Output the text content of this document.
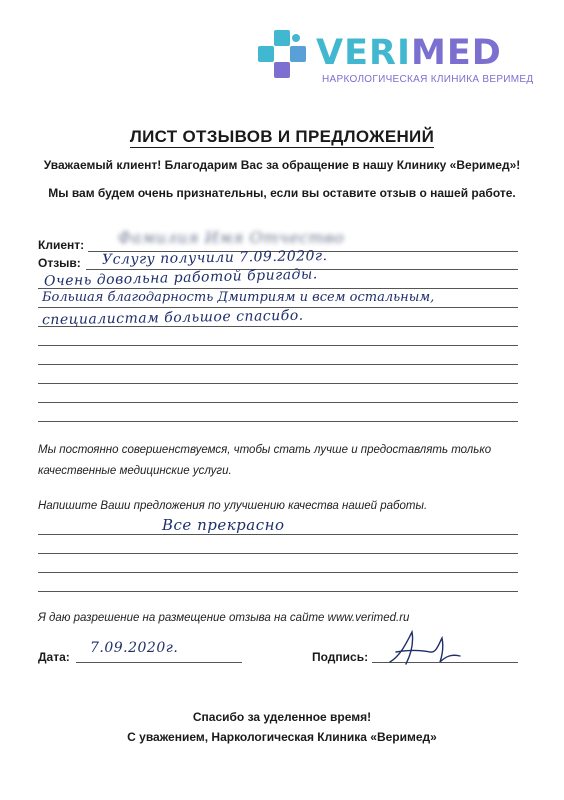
VERIMED
НАРКОЛОГИЧЕСКАЯ КЛИНИКА ВЕРИМЕД
ЛИСТ ОТЗЫВОВ И ПРЕДЛОЖЕНИЙ
Уважаемый клиент! Благодарим Вас за обращение в нашу Клинику «Веримед»!
Мы вам будем очень признательны, если вы оставите отзыв о нашей работе.
Клиент: Фамилия Имя Отчество
Отзыв: Услугу получили 7.09.2020г.
Очень довольна работой бригады.
Большая благодарность Дмитриям и всем остальным,
специалистам большое спасибо.
Мы постоянно совершенствуемся, чтобы стать лучше и предоставлять только
качественные медицинские услуги.
Напишите Ваши предложения по улучшению качества нашей работы.
Все прекрасно
Я даю разрешение на размещение отзыва на сайте www.verimed.ru
Дата:
7.09.2020г.
Подпись:
Спасибо за уделенное время!
С уважением, Наркологическая Клиника «Веримед»
